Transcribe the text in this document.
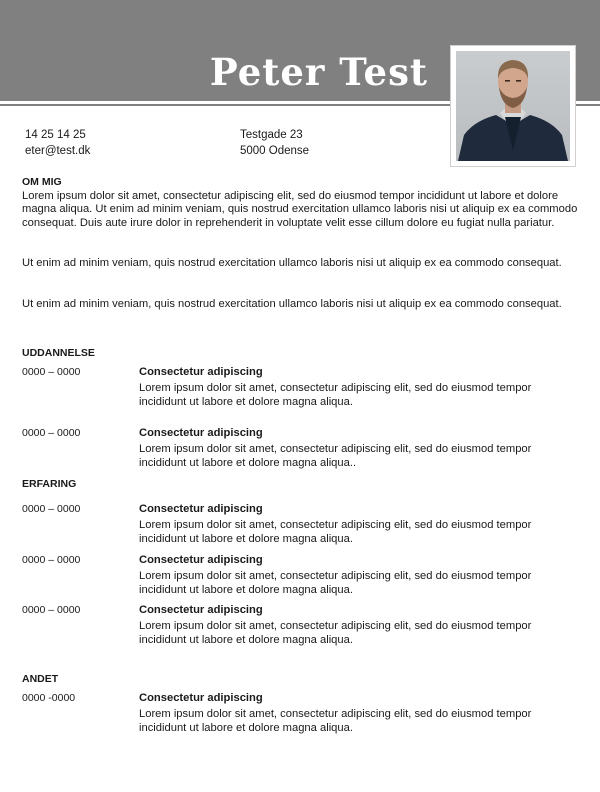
Peter Test
14 25 14 25
eter@test.dk
Testgade 23
5000 Odense
OM MIG
Lorem ipsum dolor sit amet, consectetur adipiscing elit, sed do eiusmod tempor incididunt ut labore et dolore magna aliqua. Ut enim ad minim veniam, quis nostrud exercitation ullamco laboris nisi ut aliquip ex ea commodo consequat. Duis aute irure dolor in reprehenderit in voluptate velit esse cillum dolore eu fugiat nulla pariatur.
Ut enim ad minim veniam, quis nostrud exercitation ullamco laboris nisi ut aliquip ex ea commodo consequat.
Ut enim ad minim veniam, quis nostrud exercitation ullamco laboris nisi ut aliquip ex ea commodo consequat.
UDDANNELSE
0000 – 0000	Consectetur adipiscing
Lorem ipsum dolor sit amet, consectetur adipiscing elit, sed do eiusmod tempor incididunt ut labore et dolore magna aliqua.
0000 – 0000	Consectetur adipiscing
Lorem ipsum dolor sit amet, consectetur adipiscing elit, sed do eiusmod tempor incididunt ut labore et dolore magna aliqua..
ERFARING
0000 – 0000	Consectetur adipiscing
Lorem ipsum dolor sit amet, consectetur adipiscing elit, sed do eiusmod tempor incididunt ut labore et dolore magna aliqua.
0000 – 0000	Consectetur adipiscing
Lorem ipsum dolor sit amet, consectetur adipiscing elit, sed do eiusmod tempor incididunt ut labore et dolore magna aliqua.
0000 – 0000	Consectetur adipiscing
Lorem ipsum dolor sit amet, consectetur adipiscing elit, sed do eiusmod tempor incididunt ut labore et dolore magna aliqua.
ANDET
0000 -0000	Consectetur adipiscing
Lorem ipsum dolor sit amet, consectetur adipiscing elit, sed do eiusmod tempor incididunt ut labore et dolore magna aliqua.
